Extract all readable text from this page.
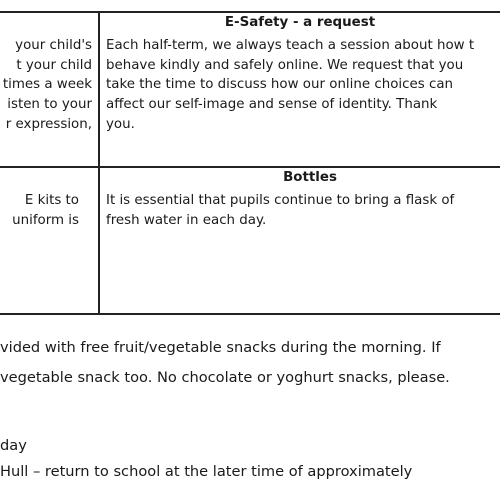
your child's
t your child
times a week
isten to your
r expression,
E-Safety - a request
Each half-term, we always teach a session about how t
behave kindly and safely online. We request that you
take the time to discuss how our online choices can
affect our self-image and sense of identity. Thank
you.
E kits to
uniform is
Bottles
It is essential that pupils continue to bring a flask of
fresh water in each day.
vided with free fruit/vegetable snacks during the morning. If
vegetable snack too. No chocolate or yoghurt snacks, please.
day
Hull – return to school at the later time of approximately
